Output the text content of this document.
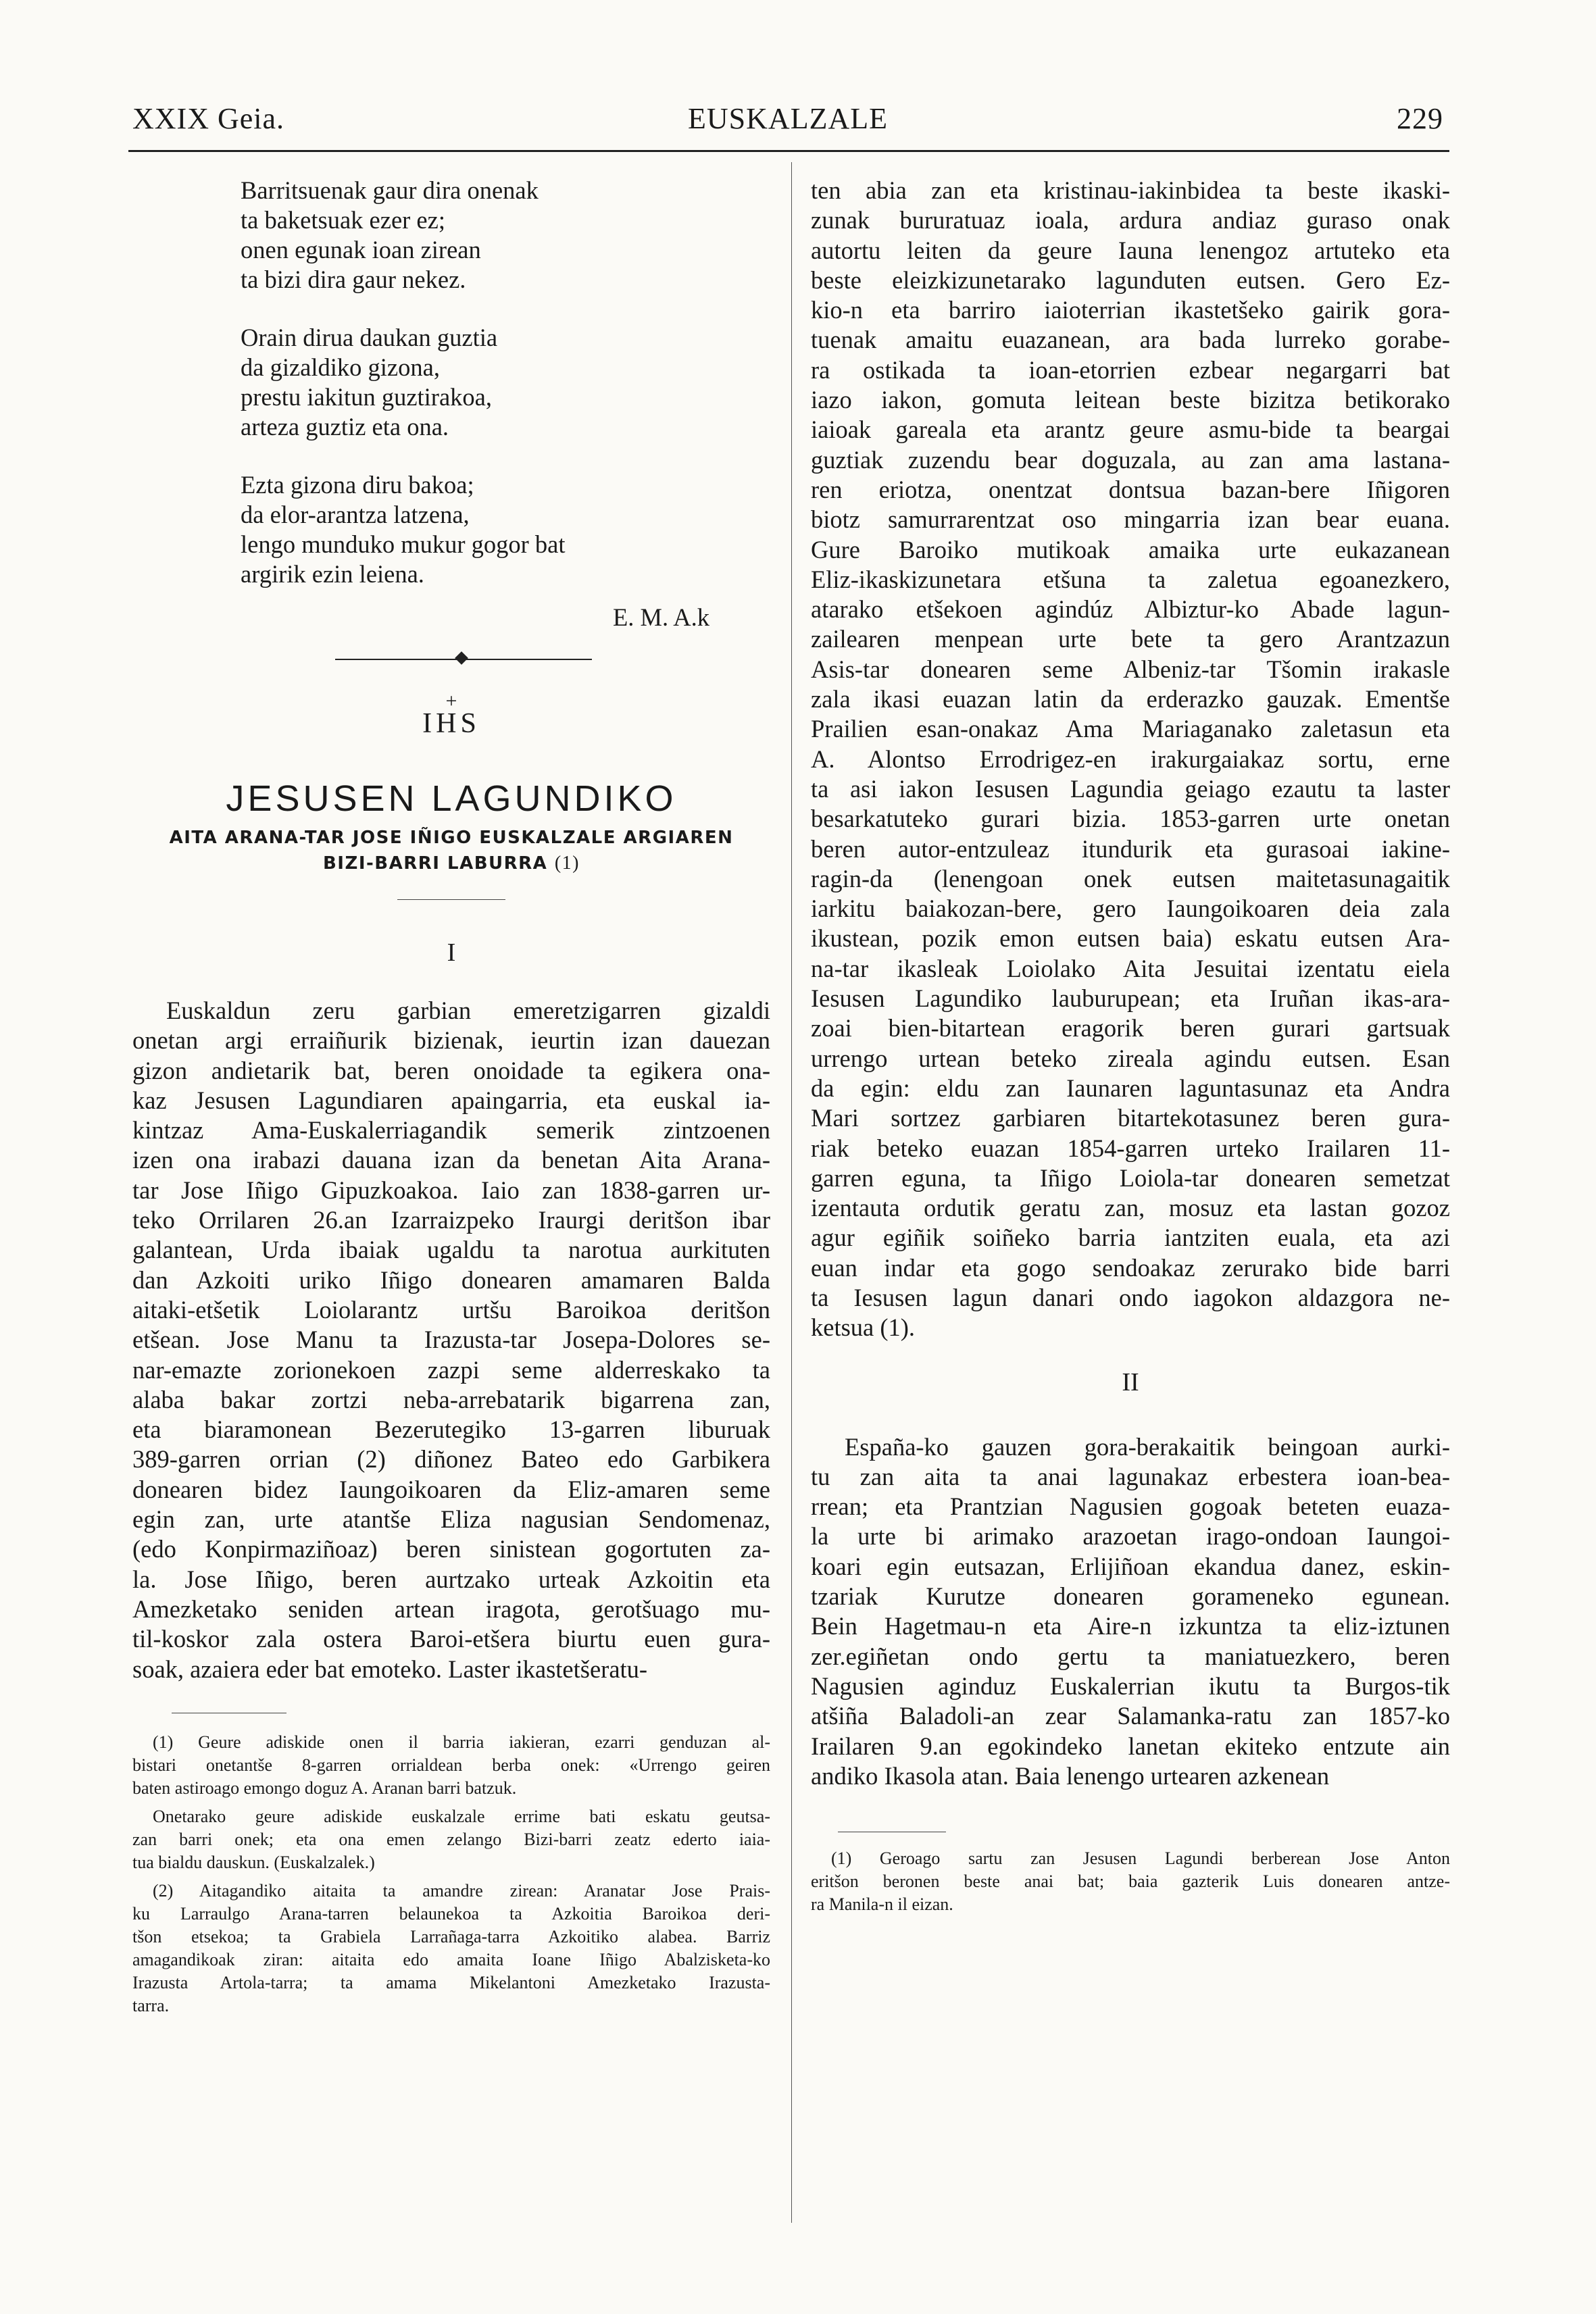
XXIX Geia.	EUSKALZALE	229
Barritsuenak gaur dira onenak
ta baketsuak ezer ez;
onen egunak ioan zirean
ta bizi dira gaur nekez.
Orain dirua daukan guztia
da gizaldiko gizona,
prestu iakitun guztirakoa,
arteza guztiz eta ona.
Ezta gizona diru bakoa;
da elor-arantza latzena,
lengo munduko mukur gogor bat
argirik ezin leiena.
E. M. A.k
+
IHS
JESUSEN LAGUNDIKO
AITA ARANA-TAR JOSE IÑIGO EUSKALZALE ARGIAREN
BIZI-BARRI LABURRA (1)
I
Euskaldun zeru garbian emeretzigarren gizaldi
onetan argi erraiñurik bizienak, ieurtin izan dauezan
gizon andietarik bat, beren onoidade ta egikera ona-
kaz Jesusen Lagundiaren apaingarria, eta euskal ia-
kintzaz Ama-Euskalerriagandik semerik zintzoenen
izen ona irabazi dauana izan da benetan Aita Arana-
tar Jose Iñigo Gipuzkoakoa. Iaio zan 1838-garren ur-
teko Orrilaren 26.an Izarraizpeko Iraurgi deritšon ibar
galantean, Urda ibaiak ugaldu ta narotua aurkituten
dan Azkoiti uriko Iñigo donearen amamaren Balda
aitaki-etšetik Loiolarantz urtšu Baroikoa deritšon
etšean. Jose Manu ta Irazusta-tar Josepa-Dolores se-
nar-emazte zorionekoen zazpi seme alderreskako ta
alaba bakar zortzi neba-arrebatarik bigarrena zan,
eta biaramonean Bezerutegiko 13-garren liburuak
389-garren orrian (2) diñonez Bateo edo Garbikera
donearen bidez Iaungoikoaren da Eliz-amaren seme
egin zan, urte atantše Eliza nagusian Sendomenaz,
(edo Konpirmaziñoaz) beren sinistean gogortuten za-
la. Jose Iñigo, beren aurtzako urteak Azkoitin eta
Amezketako seniden artean iragota, gerotšuago mu-
til-koskor zala ostera Baroi-etšera biurtu euen gura-
soak, azaiera eder bat emoteko. Laster ikastetšeratu-
(1) Geure adiskide onen il barria iakieran, ezarri genduzan al-
bistari onetantše 8-garren orrialdean berba onek: «Urrengo geiren
baten astiroago emongo doguz A. Aranan barri batzuk.
Onetarako geure adiskide euskalzale errime bati eskatu geutsa-
zan barri onek; eta ona emen zelango Bizi-barri zeatz ederto iaia-
tua bialdu dauskun. (Euskalzalek.)
(2) Aitagandiko aitaita ta amandre zirean: Aranatar Jose Prais-
ku Larraulgo Arana-tarren belaunekoa ta Azkoitia Baroikoa deri-
tšon etsekoa; ta Grabiela Larrañaga-tarra Azkoitiko alabea. Barriz
amagandikoak ziran: aitaita edo amaita Ioane Iñigo Abalzisketa-ko
Irazusta Artola-tarra; ta amama Mikelantoni Amezketako Irazusta-
tarra.
ten abia zan eta kristinau-iakinbidea ta beste ikaski-
zunak bururatuaz ioala, ardura andiaz guraso onak
autortu leiten da geure Iauna lenengoz artuteko eta
beste eleizkizunetarako lagunduten eutsen. Gero Ez-
kio-n eta barriro iaioterrian ikastetšeko gairik gora-
tuenak amaitu euazanean, ara bada lurreko gorabe-
ra ostikada ta ioan-etorrien ezbear negargarri bat
iazo iakon, gomuta leitean beste bizitza betikorako
iaioak gareala eta arantz geure asmu-bide ta beargai
guztiak zuzendu bear doguzala, au zan ama lastana-
ren eriotza, onentzat dontsua bazan-bere Iñigoren
biotz samurrarentzat oso mingarria izan bear euana.
Gure Baroiko mutikoak amaika urte eukazanean
Eliz-ikaskizunetara etšuna ta zaletua egoanezkero,
atarako etšekoen agindúz Albiztur-ko Abade lagun-
zailearen menpean urte bete ta gero Arantzazun
Asis-tar donearen seme Albeniz-tar Tšomin irakasle
zala ikasi euazan latin da erderazko gauzak. Ementše
Prailien esan-onakaz Ama Mariaganako zaletasun eta
A. Alontso Errodrigez-en irakurgaiakaz sortu, erne
ta asi iakon Iesusen Lagundia geiago ezautu ta laster
besarkatuteko gurari bizia. 1853-garren urte onetan
beren autor-entzuleaz itundurik eta gurasoai iakine-
ragin-da (lenengoan onek eutsen maitetasunagaitik
iarkitu baiakozan-bere, gero Iaungoikoaren deia zala
ikustean, pozik emon eutsen baia) eskatu eutsen Ara-
na-tar ikasleak Loiolako Aita Jesuitai izentatu eiela
Iesusen Lagundiko lauburupean; eta Iruñan ikas-ara-
zoai bien-bitartean eragorik beren gurari gartsuak
urrengo urtean beteko zireala agindu eutsen. Esan
da egin: eldu zan Iaunaren laguntasunaz eta Andra
Mari sortzez garbiaren bitartekotasunez beren gura-
riak beteko euazan 1854-garren urteko Irailaren 11-
garren eguna, ta Iñigo Loiola-tar donearen semetzat
izentauta ordutik geratu zan, mosuz eta lastan gozoz
agur egiñik soiñeko barria iantziten euala, eta azi
euan indar eta gogo sendoakaz zerurako bide barri
ta Iesusen lagun danari ondo iagokon aldazgora ne-
ketsua (1).
II
España-ko gauzen gora-berakaitik beingoan aurki-
tu zan aita ta anai lagunakaz erbestera ioan-bea-
rrean; eta Prantzian Nagusien gogoak beteten euaza-
la urte bi arimako arazoetan irago-ondoan Iaungoi-
koari egin eutsazan, Erlijiñoan ekandua danez, eskin-
tzariak Kurutze donearen gorameneko egunean.
Bein Hagetmau-n eta Aire-n izkuntza ta eliz-iztunen
zer.egiñetan ondo gertu ta maniatuezkero, beren
Nagusien aginduz Euskalerrian ikutu ta Burgos-tik
atšiña Baladoli-an zear Salamanka-ratu zan 1857-ko
Irailaren 9.an egokindeko lanetan ekiteko entzute ain
andiko Ikasola atan. Baia lenengo urtearen azkenean
(1) Geroago sartu zan Jesusen Lagundi berberean Jose Anton
eritšon beronen beste anai bat; baia gazterik Luis donearen antze-
ra Manila-n il eizan.
